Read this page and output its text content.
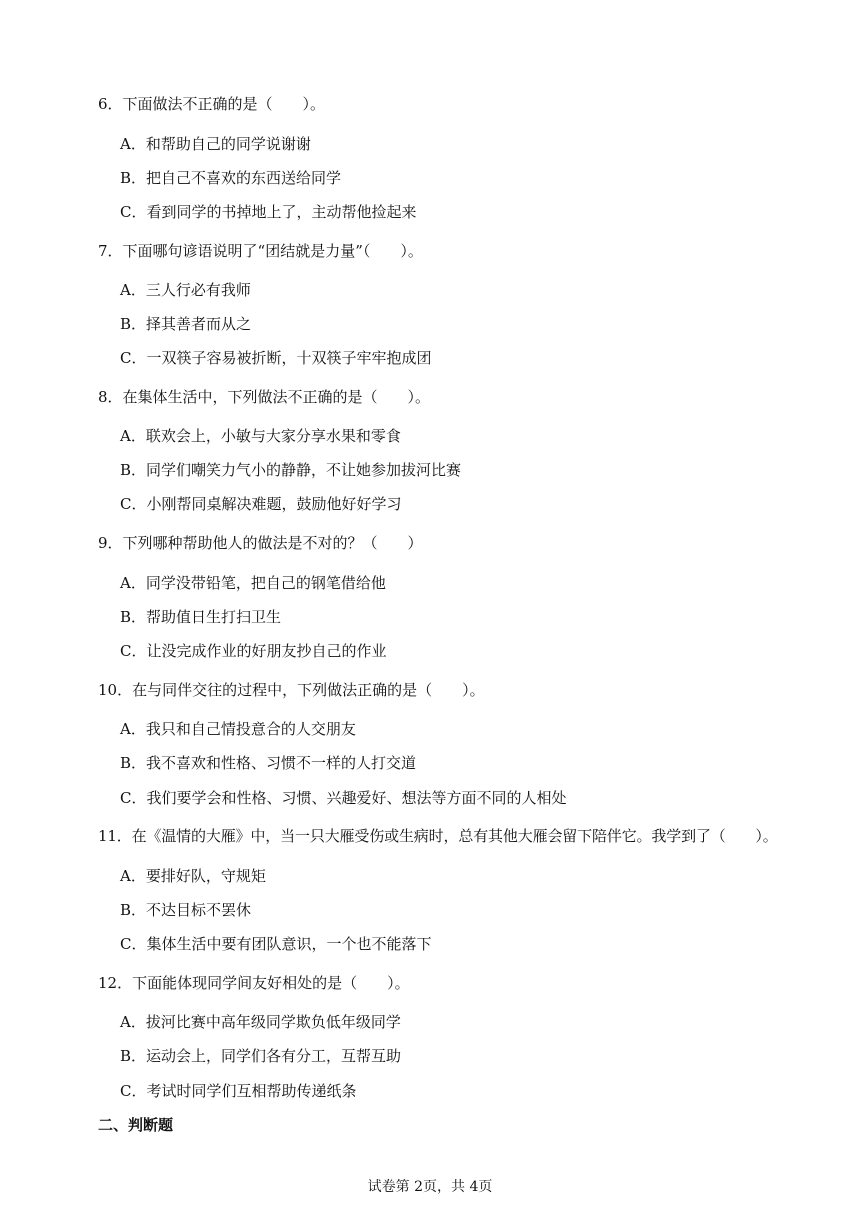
6．下面做法不正确的是（　　）。
A．和帮助自己的同学说谢谢
B．把自己不喜欢的东西送给同学
C．看到同学的书掉地上了，主动帮他捡起来
7．下面哪句谚语说明了“团结就是力量”（　　）。
A．三人行必有我师
B．择其善者而从之
C．一双筷子容易被折断，十双筷子牢牢抱成团
8．在集体生活中，下列做法不正确的是（　　）。
A．联欢会上，小敏与大家分享水果和零食
B．同学们嘲笑力气小的静静，不让她参加拔河比赛
C．小刚帮同桌解决难题，鼓励他好好学习
9．下列哪种帮助他人的做法是不对的？（　　）
A．同学没带铅笔，把自己的钢笔借给他
B．帮助值日生打扫卫生
C．让没完成作业的好朋友抄自己的作业
10．在与同伴交往的过程中，下列做法正确的是（　　）。
A．我只和自己情投意合的人交朋友
B．我不喜欢和性格、习惯不一样的人打交道
C．我们要学会和性格、习惯、兴趣爱好、想法等方面不同的人相处
11．在《温情的大雁》中，当一只大雁受伤或生病时，总有其他大雁会留下陪伴它。我学到了（　　）。
A．要排好队，守规矩
B．不达目标不罢休
C．集体生活中要有团队意识，一个也不能落下
12．下面能体现同学间友好相处的是（　　）。
A．拔河比赛中高年级同学欺负低年级同学
B．运动会上，同学们各有分工，互帮互助
C．考试时同学们互相帮助传递纸条
二、判断题
试卷第 2页，共 4页
